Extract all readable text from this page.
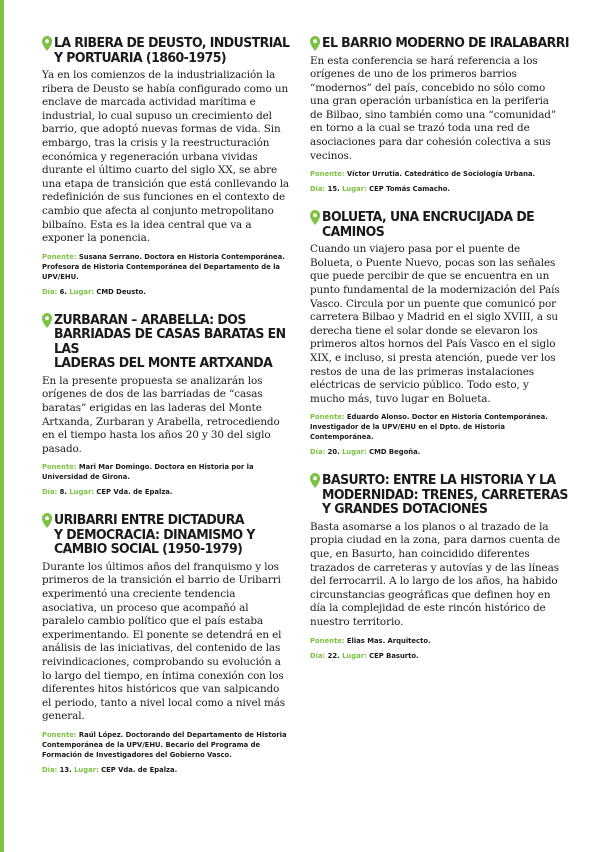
LA RIBERA DE DEUSTO, INDUSTRIAL
Y PORTUARIA (1860-1975)

Ya en los comienzos de la industrialización la ribera de Deusto se había configurado como un enclave de marcada actividad marítima e industrial, lo cual supuso un crecimiento del barrio, que adoptó nuevas formas de vida. Sin embargo, tras la crisis y la reestructuración económica y regeneración urbana vividas durante el último cuarto del siglo XX, se abre una etapa de transición que está conllevando la redefinición de sus funciones en el contexto de cambio que afecta al conjunto metropolitano bilbaíno. Esta es la idea central que va a exponer la ponencia.

Ponente: Susana Serrano. Doctora en Historia Contemporánea. Profesora de Historia Contemporánea del Departamento de la UPV/EHU.

Día: 6. Lugar: CMD Deusto.

ZURBARAN – ARABELLA: DOS
BARRIADAS DE CASAS BARATAS EN LAS
LADERAS DEL MONTE ARTXANDA

En la presente propuesta se analizarán los orígenes de dos de las barriadas de “casas baratas” erigidas en las laderas del Monte Artxanda, Zurbaran y Arabella, retrocediendo en el tiempo hasta los años 20 y 30 del siglo pasado.

Ponente: Mari Mar Domingo. Doctora en Historia por la Universidad de Girona.

Día: 8. Lugar: CEP Vda. de Epalza.

URIBARRI ENTRE DICTADURA
Y DEMOCRACIA: DINAMISMO Y
CAMBIO SOCIAL (1950-1979)

Durante los últimos años del franquismo y los primeros de la transición el barrio de Uribarri experimentó una creciente tendencia asociativa, un proceso que acompañó al paralelo cambio político que el país estaba experimentando. El ponente se detendrá en el análisis de las iniciativas, del contenido de las reivindicaciones, comprobando su evolución a lo largo del tiempo, en íntima conexión con los diferentes hitos históricos que van salpicando el periodo, tanto a nivel local como a nivel más general.

Ponente: Raúl López. Doctorando del Departamento de Historia Contemporánea de la UPV/EHU. Becario del Programa de Formación de Investigadores del Gobierno Vasco.

Día: 13. Lugar: CEP Vda. de Epalza.

EL BARRIO MODERNO DE IRALABARRI

En esta conferencia se hará referencia a los orígenes de uno de los primeros barrios “modernos” del país, concebido no sólo como una gran operación urbanística en la periferia de Bilbao, sino también como una “comunidad” en torno a la cual se trazó toda una red de asociaciones para dar cohesión colectiva a sus vecinos.

Ponente: Víctor Urrutia. Catedrático de Sociología Urbana.

Día: 15. Lugar: CEP Tomás Camacho.

BOLUETA, UNA ENCRUCIJADA DE CAMINOS

Cuando un viajero pasa por el puente de Bolueta, o Puente Nuevo, pocas son las señales que puede percibir de que se encuentra en un punto fundamental de la modernización del País Vasco. Circula por un puente que comunicó por carretera Bilbao y Madrid en el siglo XVIII, a su derecha tiene el solar donde se elevaron los primeros altos hornos del País Vasco en el siglo XIX, e incluso, si presta atención, puede ver los restos de una de las primeras instalaciones eléctricas de servicio público. Todo esto, y mucho más, tuvo lugar en Bolueta.

Ponente: Eduardo Alonso. Doctor en Historia Contemporánea. Investigador de la UPV/EHU en el Dpto. de Historia Contemporánea.

Día: 20. Lugar: CMD Begoña.

BASURTO: ENTRE LA HISTORIA Y LA
MODERNIDAD: TRENES, CARRETERAS
Y GRANDES DOTACIONES

Basta asomarse a los planos o al trazado de la propia ciudad en la zona, para darnos cuenta de que, en Basurto, han coincidido diferentes trazados de carreteras y autovías y de las líneas del ferrocarril. A lo largo de los años, ha habido circunstancias geográficas que definen hoy en día la complejidad de este rincón histórico de nuestro territorio.

Ponente: Elias Mas. Arquitecto.

Día: 22. Lugar: CEP Basurto.
